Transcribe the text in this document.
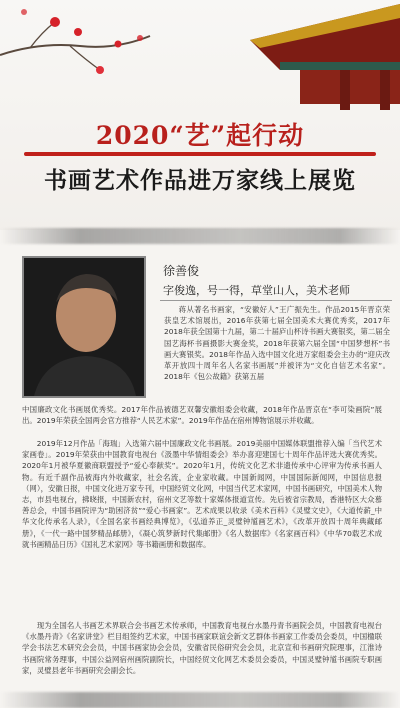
2020“艺”起行动
书画艺术作品进万家线上展览
徐善俊
字俊逸，号一得，草堂山人，美术老师

蒋从著名书画家，“安徽好人”王广振先生。作品2015年晋京荣获皇艺术馆展出，2016年获第七届全国美术大赛优秀奖，2017年2018年获全国第十九届，第二十届庐山杯诗书画大赛银奖，第二届全国艺海杯书画摄影大赛金奖，2018年获第六届全国“中国梦想杯”书画大赛银奖。2018年作品入选中国文化进万家组委会主办的“迎庆改革开放四十周年名人名家书画展”并被评为“文化自信艺术名家”。2018年《包公故籍》获第五届

中国廉政文化书画展优秀奖。2017年作品被德艺双馨安徽组委会收藏，2018年作品晋京在“李可染画院”展出。2019年荣获全国两会官方推荐“人民艺术家”。2019年作品在宿州博物馆展示并收藏。

2019年12月作品「海瑞」入选第六届中国廉政文化书画展。2019美丽中国媒体联盟推荐入编「当代艺术家画卷」。2019年荣获由中国教育电视台《汲墨中华情组委会》举办喜迎建国七十周年作品评选大赛优秀奖。2020年1月被华夏徽商联盟授予“爱心奉献奖”。2020年1月，传统文化艺术非遗传承中心评审为传承书画人物。有近千副作品被海内外收藏家，社会名流，企业家收藏。中国新闻网，中国国际新闻网，中国信息报（网），安徽日报，中国文化进万家专刊，中国经贸文化网，中国当代艺术家网，中国书画研究，中国美术人物志，市县电视台，拂晓报，中国新农村，宿州文艺等数十家媒体报道宣传。先后被省宗教局，香港特区大众慕善总会，中国书画院评为“助困济贫”“爱心书画家”。艺术成果以收录《美术百科》《灵璧文史》，《大道传薪_中华文化传承名人录》，《全国名家书画经典博览》，《弘道养正_灵璧钟馗画艺术》，《改革开放四十周年典藏邮册》，《一代一路中国梦精品邮册》，《凝心筑梦新时代集邮册》《名人数据库》《名家画百科》《中华70载艺术成就书画精品日历》《国礼艺术家网》等书籍画册和数据库。

现为全国名人书画艺术界联合会书画艺术传承师，中国教育电视台水墨丹青书画院会员，中国教育电视台《水墨丹青》《名家讲堂》栏目组签约艺术家，中国书画家联谊会新文艺群体书画家工作委员会委员，中国楹联学会书法艺术研究会会员，中国书画家协会会员，安徽省民俗研究会会员，北京宣和书画研究院理事，江淮诗书画院常务理事，中国公益网宿州画院副院长，中国经贸文化网艺术委员会委员，中国灵璧钟馗书画院专职画家，灵璧县老年书画研究会副会长。
